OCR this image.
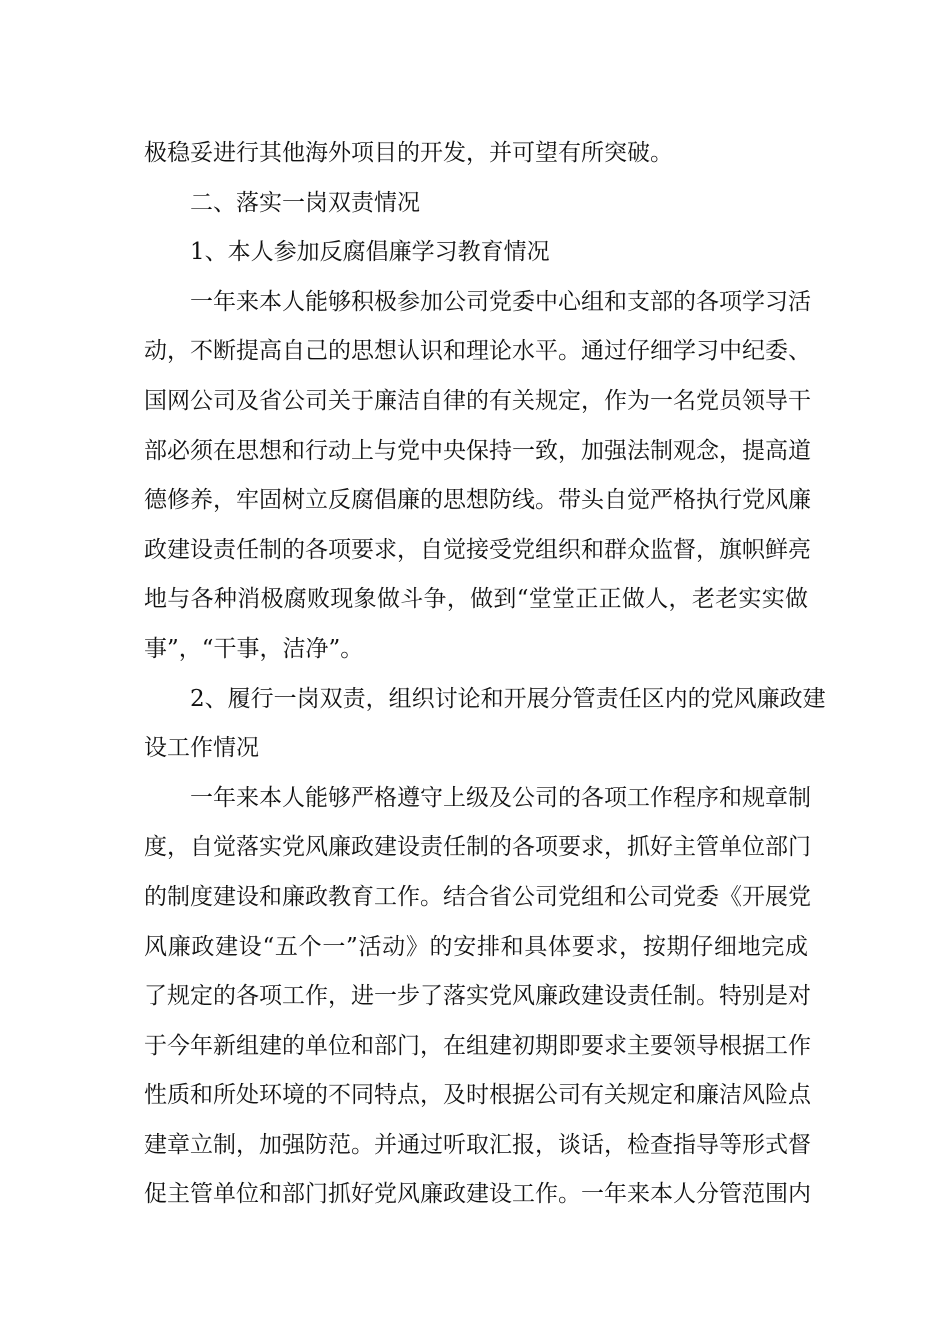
极稳妥进行其他海外项目的开发，并可望有所突破。

二、落实一岗双责情况

1、本人参加反腐倡廉学习教育情况

一年来本人能够积极参加公司党委中心组和支部的各项学习活
动，不断提高自己的思想认识和理论水平。通过仔细学习中纪委、
国网公司及省公司关于廉洁自律的有关规定，作为一名党员领导干
部必须在思想和行动上与党中央保持一致，加强法制观念，提高道
德修养，牢固树立反腐倡廉的思想防线。带头自觉严格执行党风廉
政建设责任制的各项要求，自觉接受党组织和群众监督，旗帜鲜亮
地与各种消极腐败现象做斗争，做到“堂堂正正做人，老老实实做
事”，“干事，洁净”。

2、履行一岗双责，组织讨论和开展分管责任区内的党风廉政建
设工作情况

一年来本人能够严格遵守上级及公司的各项工作程序和规章制
度，自觉落实党风廉政建设责任制的各项要求，抓好主管单位部门
的制度建设和廉政教育工作。结合省公司党组和公司党委《开展党
风廉政建设“五个一”活动》的安排和具体要求，按期仔细地完成
了规定的各项工作，进一步了落实党风廉政建设责任制。特别是对
于今年新组建的单位和部门，在组建初期即要求主要领导根据工作
性质和所处环境的不同特点，及时根据公司有关规定和廉洁风险点
建章立制，加强防范。并通过听取汇报，谈话，检查指导等形式督
促主管单位和部门抓好党风廉政建设工作。一年来本人分管范围内
